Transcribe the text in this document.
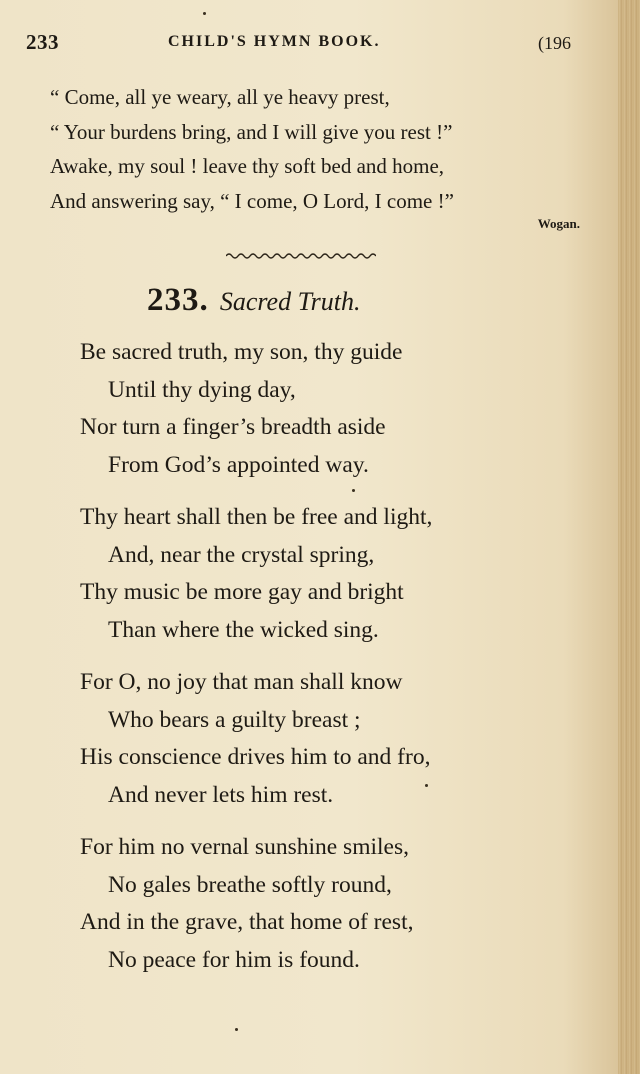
233	CHILD'S HYMN BOOK.	(196
“ Come, all ye weary, all ye heavy prest,
“ Your burdens bring, and I will give you rest !”
Awake, my soul ! leave thy soft bed and home,
And answering say, “ I come, O Lord, I come !”
Wogan.
233. Sacred Truth.
Be sacred truth, my son, thy guide
Until thy dying day,
Nor turn a finger’s breadth aside
From God’s appointed way.
Thy heart shall then be free and light,
And, near the crystal spring,
Thy music be more gay and bright
Than where the wicked sing.
For O, no joy that man shall know
Who bears a guilty breast ;
His conscience drives him to and fro,
And never lets him rest.
For him no vernal sunshine smiles,
No gales breathe softly round,
And in the grave, that home of rest,
No peace for him is found.
